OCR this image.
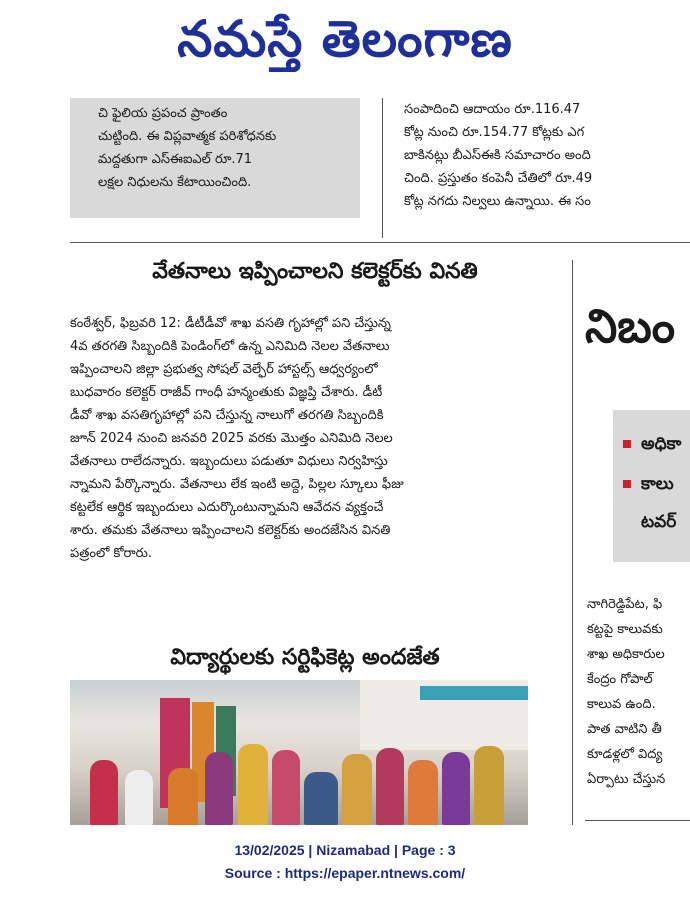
నమస్తే తెలంగాణ
చి ఫైలియ ప్రపంచ ప్రాంతం
చుట్టింది. ఈ విప్లవాత్మక పరిశోధనకు
మద్దతుగా ఎస్ఈఐఎల్ రూ.71
లక్షల నిధులను కేటాయించింది.
సంపాదించి ఆదాయం రూ.116.47
కోట్ల నుంచి రూ.154.77 కోట్లకు ఎగ
బాకినట్లు బీఎస్ఈకి సమాచారం అంది
చింది. ప్రస్తుతం కంపెనీ చేతిలో రూ.49
కోట్ల నగదు నిల్వలు ఉన్నాయి. ఈ సం
వేతనాలు ఇప్పించాలని కలెక్టర్‌కు వినతి
కంఠేశ్వర్, ఫిబ్రవరి 12: డీటీడీవో శాఖ వసతి గృహాల్లో పని చేస్తున్న
4వ తరగతి సిబ్బందికి పెండింగ్‌లో ఉన్న ఎనిమిది నెలల వేతనాలు
ఇప్పించాలని జిల్లా ప్రభుత్వ సోషల్ వెల్ఫేర్ హాస్టల్స్ ఆధ్వర్యంలో
బుధవారం కలెక్టర్ రాజీవ్ గాంధీ హన్మంతుకు విజ్ఞప్తి చేశారు. డీటీ
డీవో శాఖ వసతిగృహాల్లో పని చేస్తున్న నాలుగో తరగతి సిబ్బందికి
జూన్ 2024 నుంచి జనవరి 2025 వరకు మొత్తం ఎనిమిది నెలల
వేతనాలు రాలేదన్నారు. ఇబ్బందులు పడుతూ విధులు నిర్వహిస్తు
న్నామని పేర్కొన్నారు. వేతనాలు లేక ఇంటి అద్దె, పిల్లల స్కూలు ఫీజు
కట్టలేక ఆర్థిక ఇబ్బందులు ఎదుర్కొంటున్నామని ఆవేదన వ్యక్తంచే
శారు. తమకు వేతనాలు ఇప్పించాలని కలెక్టర్‌కు అందజేసిన వినతి
పత్రంలో కోరారు.
విద్యార్థులకు సర్టిఫికెట్ల అందజేత
నిబం
అధికా
కాలు
టవర్
నాగిరెడ్డిపేట, ఫి
కట్టపై కాలువకు
శాఖ అధికారుల
కేంద్రం గోపాల్
కాలువ ఉంది.
పాత వాటిని తీ
కూడళ్లలో విద్య
ఏర్పాటు చేస్తున
13/02/2025 | Nizamabad | Page : 3
Source : https://epaper.ntnews.com/
